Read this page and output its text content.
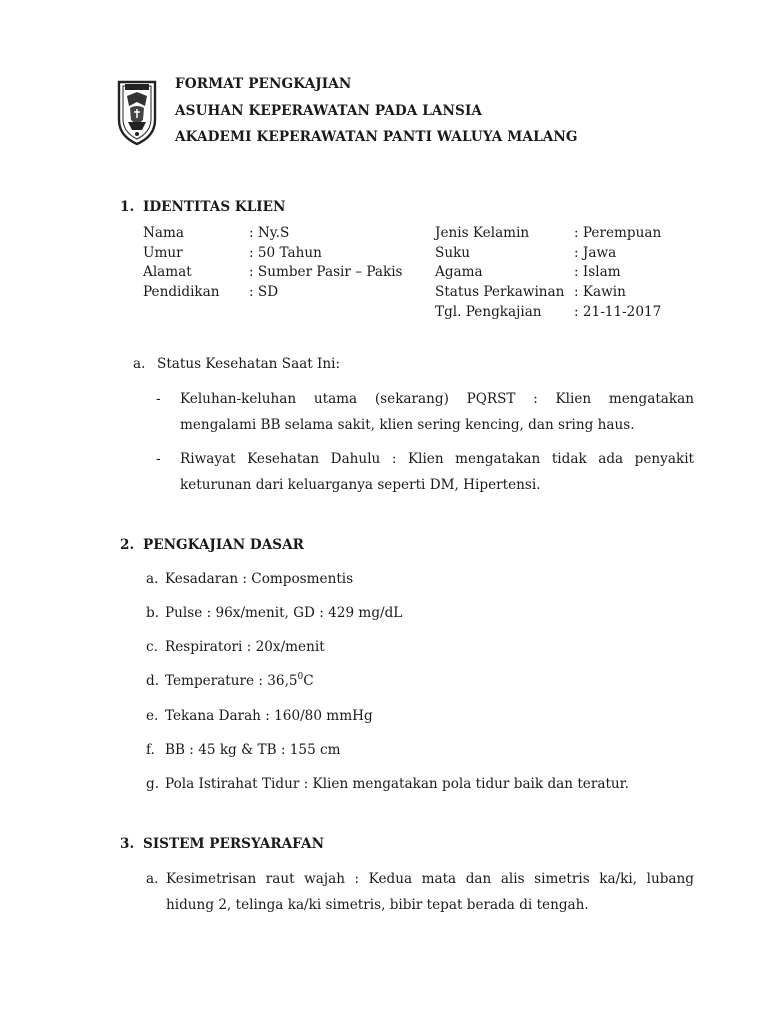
FORMAT PENGKAJIAN
ASUHAN KEPERAWATAN PADA LANSIA
AKADEMI KEPERAWATAN PANTI WALUYA MALANG
1. IDENTITAS KLIEN
Nama	: Ny.S
Umur	: 50 Tahun
Alamat	: Sumber Pasir – Pakis
Pendidikan : SD
Jenis Kelamin	: Perempuan
Suku	: Jawa
Agama	: Islam
Status Perkawinan : Kawin
Tgl. Pengkajian : 21-11-2017
a. Status Kesehatan Saat Ini:
- Keluhan-keluhan utama (sekarang) PQRST : Klien mengatakan mengalami BB selama sakit, klien sering kencing, dan sring haus.
- Riwayat Kesehatan Dahulu : Klien mengatakan tidak ada penyakit keturunan dari keluarganya seperti DM, Hipertensi.
2. PENGKAJIAN DASAR
a. Kesadaran : Composmentis
b. Pulse : 96x/menit, GD : 429 mg/dL
c. Respiratori : 20x/menit
d. Temperature : 36,5$^0$C
e. Tekana Darah : 160/80 mmHg
f. BB : 45 kg & TB : 155 cm
g. Pola Istirahat Tidur : Klien mengatakan pola tidur baik dan teratur.
3. SISTEM PERSYARAFAN
a. Kesimetrisan raut wajah : Kedua mata dan alis simetris ka/ki, lubang hidung 2, telinga ka/ki simetris, bibir tepat berada di tengah.
